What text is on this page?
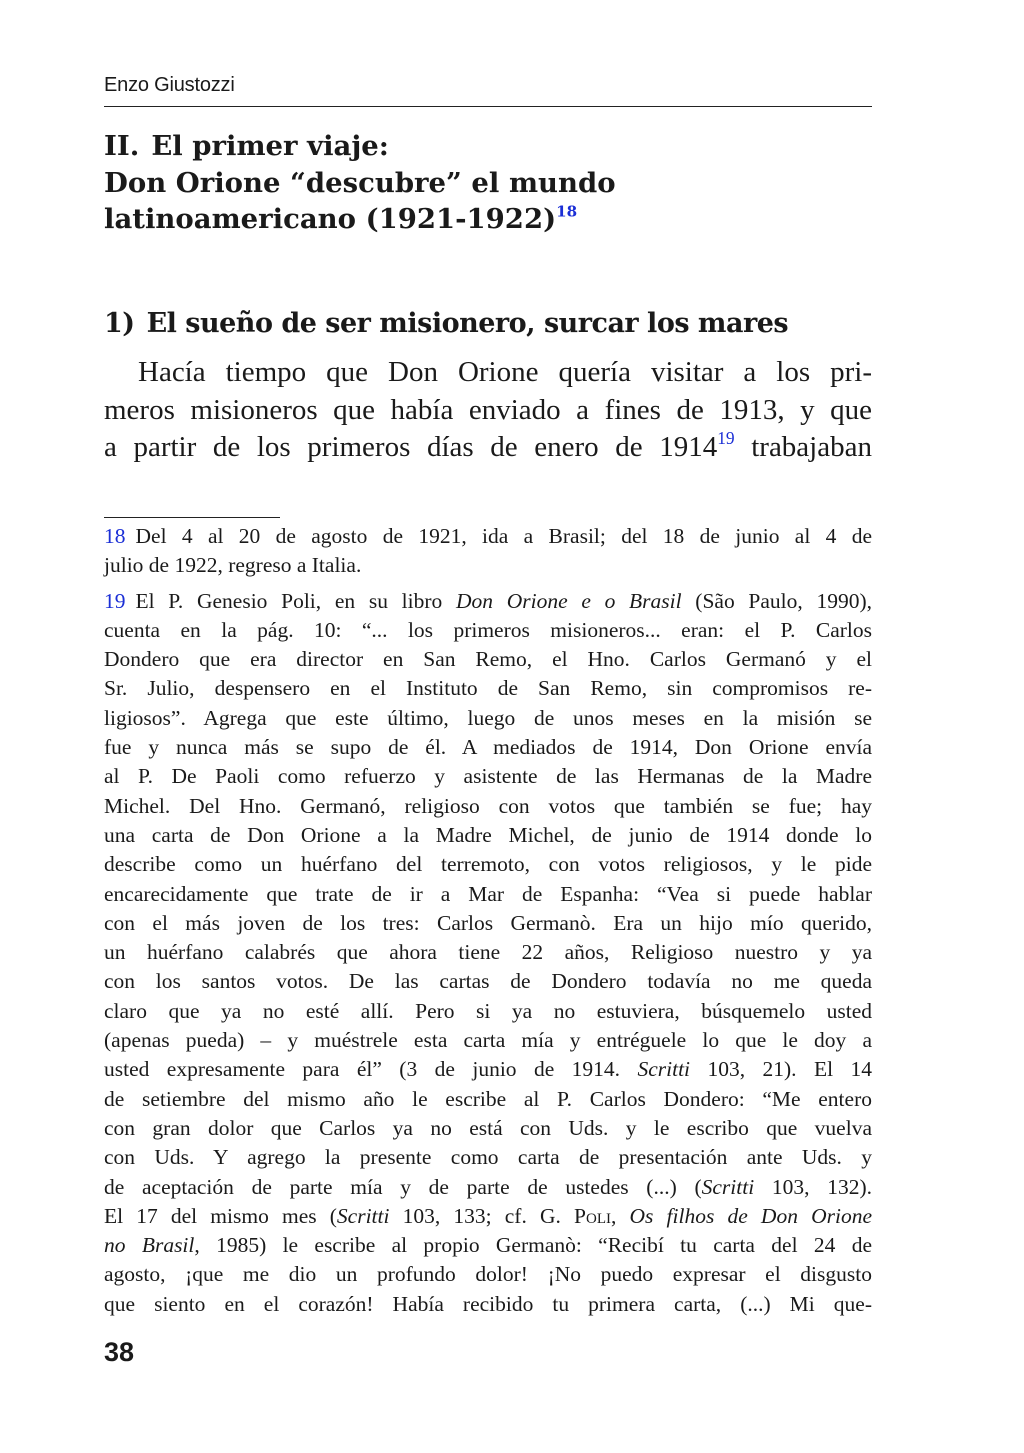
Enzo Giustozzi
II. El primer viaje:
Don Orione “descubre” el mundo
latinoamericano (1921-1922)$^{18}$
1) El sueño de ser misionero, surcar los mares
Hacía tiempo que Don Orione quería visitar a los pri-
meros misioneros que había enviado a fines de 1913, y que
a partir de los primeros días de enero de 1914$^{19}$ trabajaban
18 Del 4 al 20 de agosto de 1921, ida a Brasil; del 18 de junio al 4 de
julio de 1922, regreso a Italia.
19 El P. Genesio Poli, en su libro Don Orione e o Brasil (São Paulo, 1990),
cuenta en la pág. 10: “... los primeros misioneros... eran: el P. Carlos
Dondero que era director en San Remo, el Hno. Carlos Germanó y el
Sr. Julio, despensero en el Instituto de San Remo, sin compromisos re-
ligiosos”. Agrega que este último, luego de unos meses en la misión se
fue y nunca más se supo de él. A mediados de 1914, Don Orione envía
al P. De Paoli como refuerzo y asistente de las Hermanas de la Madre
Michel. Del Hno. Germanó, religioso con votos que también se fue; hay
una carta de Don Orione a la Madre Michel, de junio de 1914 donde lo
describe como un huérfano del terremoto, con votos religiosos, y le pide
encarecidamente que trate de ir a Mar de Espanha: “Vea si puede hablar
con el más joven de los tres: Carlos Germanò. Era un hijo mío querido,
un huérfano calabrés que ahora tiene 22 años, Religioso nuestro y ya
con los santos votos. De las cartas de Dondero todavía no me queda
claro que ya no esté allí. Pero si ya no estuviera, búsquemelo usted
(apenas pueda) – y muéstrele esta carta mía y entréguele lo que le doy a
usted expresamente para él” (3 de junio de 1914. Scritti 103, 21). El 14
de setiembre del mismo año le escribe al P. Carlos Dondero: “Me entero
con gran dolor que Carlos ya no está con Uds. y le escribo que vuelva
con Uds. Y agrego la presente como carta de presentación ante Uds. y
de aceptación de parte mía y de parte de ustedes (...) (Scritti 103, 132).
El 17 del mismo mes (Scritti 103, 133; cf. G. Poli, Os filhos de Don Orione
no Brasil, 1985) le escribe al propio Germanò: “Recibí tu carta del 24 de
agosto, ¡que me dio un profundo dolor! ¡No puedo expresar el disgusto
que siento en el corazón! Había recibido tu primera carta, (...) Mi que-
38
